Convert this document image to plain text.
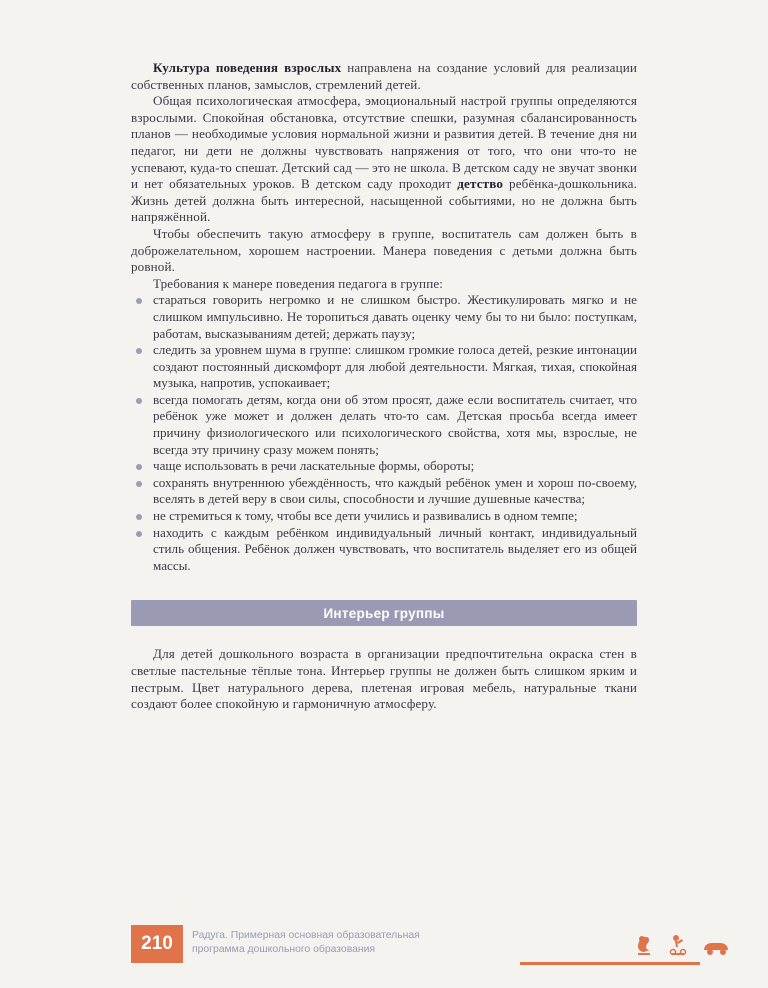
Культура поведения взрослых направлена на создание условий для реализации собственных планов, замыслов, стремлений детей.

Общая психологическая атмосфера, эмоциональный настрой группы определяются взрослыми. Спокойная обстановка, отсутствие спешки, разумная сбалансированность планов — необходимые условия нормальной жизни и развития детей. В течение дня ни педагог, ни дети не должны чувствовать напряжения от того, что они что-то не успевают, куда-то спешат. Детский сад — это не школа. В детском саду не звучат звонки и нет обязательных уроков. В детском саду проходит детство ребёнка-дошкольника. Жизнь детей должна быть интересной, насыщенной событиями, но не должна быть напряжённой.

Чтобы обеспечить такую атмосферу в группе, воспитатель сам должен быть в доброжелательном, хорошем настроении. Манера поведения с детьми должна быть ровной.

Требования к манере поведения педагога в группе:

стараться говорить негромко и не слишком быстро. Жестикулировать мягко и не слишком импульсивно. Не торопиться давать оценку чему бы то ни было: поступкам, работам, высказываниям детей; держать паузу;
следить за уровнем шума в группе: слишком громкие голоса детей, резкие интонации создают постоянный дискомфорт для любой деятельности. Мягкая, тихая, спокойная музыка, напротив, успокаивает;
всегда помогать детям, когда они об этом просят, даже если воспитатель считает, что ребёнок уже может и должен делать что-то сам. Детская просьба всегда имеет причину физиологического или психологического свойства, хотя мы, взрослые, не всегда эту причину сразу можем понять;
чаще использовать в речи ласкательные формы, обороты;
сохранять внутреннюю убеждённость, что каждый ребёнок умен и хорош по-своему, вселять в детей веру в свои силы, способности и лучшие душевные качества;
не стремиться к тому, чтобы все дети учились и развивались в одном темпе;
находить с каждым ребёнком индивидуальный личный контакт, индивидуальный стиль общения. Ребёнок должен чувствовать, что воспитатель выделяет его из общей массы.
Интерьер группы

Для детей дошкольного возраста в организации предпочтительна окраска стен в светлые пастельные тёплые тона. Интерьер группы не должен быть слишком ярким и пестрым. Цвет натурального дерева, плетеная игровая мебель, натуральные ткани создают более спокойную и гармоничную атмосферу.

210	Радуга. Примерная основная образовательная
программа дошкольного образования
